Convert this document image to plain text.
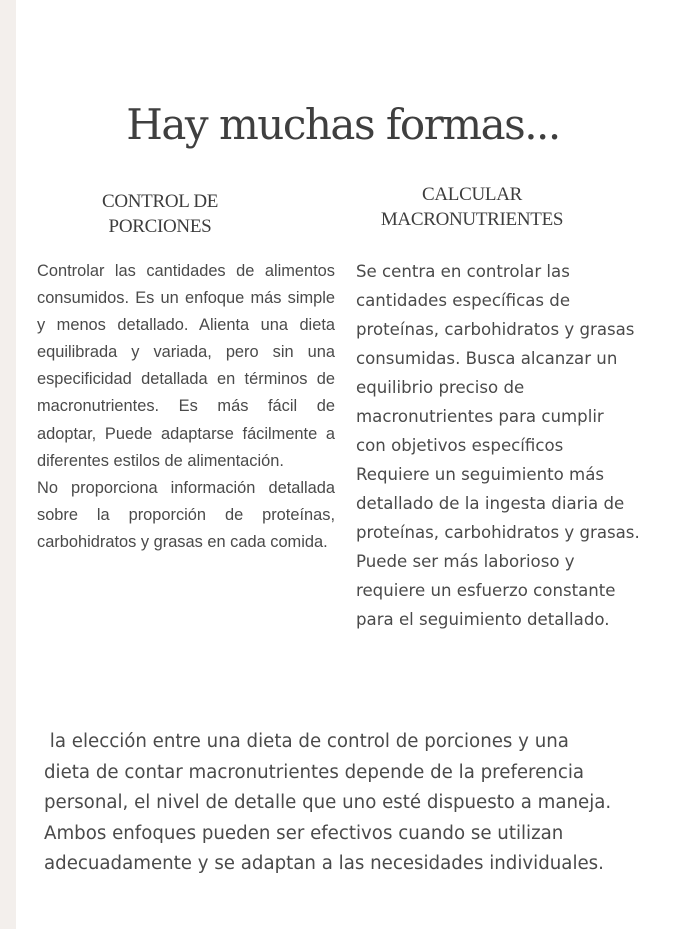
Hay muchas formas...
CONTROL DE
PORCIONES
CALCULAR
MACRONUTRIENTES

Controlar las cantidades de alimentos consumidos. Es un enfoque más simple y menos detallado. Alienta una dieta equilibrada y variada, pero sin una especificidad detallada en términos de macronutrientes. Es más fácil de adoptar, Puede adaptarse fácilmente a diferentes estilos de alimentación.

No proporciona información detallada sobre la proporción de proteínas, carbohidratos y grasas en cada comida.

Se centra en controlar las
cantidades específicas de
proteínas, carbohidratos y grasas
consumidas. Busca alcanzar un
equilibrio preciso de
macronutrientes para cumplir
con objetivos específicos
Requiere un seguimiento más
detallado de la ingesta diaria de
proteínas, carbohidratos y grasas.
Puede ser más laborioso y
requiere un esfuerzo constante
para el seguimiento detallado.
la elección entre una dieta de control de porciones y una
dieta de contar macronutrientes depende de la preferencia
personal, el nivel de detalle que uno esté dispuesto a maneja.
Ambos enfoques pueden ser efectivos cuando se utilizan
adecuadamente y se adaptan a las necesidades individuales.
